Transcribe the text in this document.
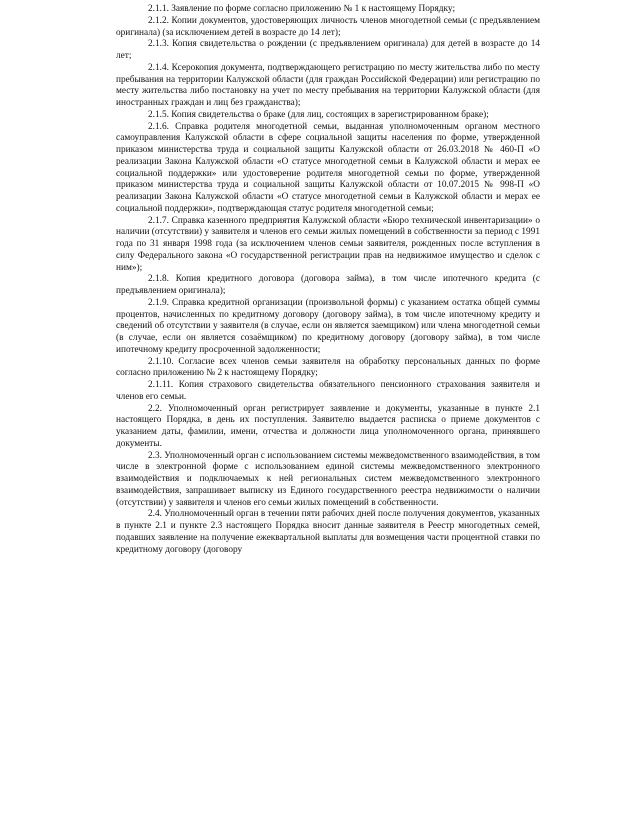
2.1.1. Заявление по форме согласно приложению № 1 к настоящему Порядку;

2.1.2. Копии документов, удостоверяющих личность членов многодетной семьи (с предъявлением оригинала) (за исключением детей в возрасте до 14 лет);

2.1.3. Копия свидетельства о рождении (с предъявлением оригинала) для детей в возрасте до 14 лет;

2.1.4. Ксерокопия документа, подтверждающего регистрацию по месту жительства либо по месту пребывания на территории Калужской области (для граждан Российской Федерации) или регистрацию по месту жительства либо постановку на учет по месту пребывания на территории Калужской области (для иностранных граждан и лиц без гражданства);

2.1.5. Копия свидетельства о браке (для лиц, состоящих в зарегистрированном браке);

2.1.6. Справка родителя многодетной семьи, выданная уполномоченным органом местного самоуправления Калужской области в сфере социальной защиты населения по форме, утвержденной приказом министерства труда и социальной защиты Калужской области от 26.03.2018 № 460-П «О реализации Закона Калужской области «О статусе многодетной семьи в Калужской области и мерах ее социальной поддержки» или удостоверение родителя многодетной семьи по форме, утвержденной приказом министерства труда и социальной защиты Калужской области от 10.07.2015 № 998-П «О реализации Закона Калужской области «О статусе многодетной семьи в Калужской области и мерах ее социальной поддержки», подтверждающая статус родителя многодетной семьи;

2.1.7. Справка казенного предприятия Калужской области «Бюро технической инвентаризации» о наличии (отсутствии) у заявителя и членов его семьи жилых помещений в собственности за период с 1991 года по 31 января 1998 года (за исключением членов семьи заявителя, рожденных после вступления в силу Федерального закона «О государственной регистрации прав на недвижимое имущество и сделок с ним»);

2.1.8. Копия кредитного договора (договора займа), в том числе ипотечного кредита (с предъявлением оригинала);

2.1.9. Справка кредитной организации (произвольной формы) с указанием остатка общей суммы процентов, начисленных по кредитному договору (договору займа), в том числе ипотечному кредиту и сведений об отсутствии у заявителя (в случае, если он является заемщиком) или члена многодетной семьи (в случае, если он является созаёмщиком) по кредитному договору (договору займа), в том числе ипотечному кредиту просроченной задолженности;

2.1.10. Согласие всех членов семьи заявителя на обработку персональных данных по форме согласно приложению № 2 к настоящему Порядку;

2.1.11. Копия страхового свидетельства обязательного пенсионного страхования заявителя и членов его семьи.

2.2. Уполномоченный орган регистрирует заявление и документы, указанные в пункте 2.1 настоящего Порядка, в день их поступления. Заявителю выдается расписка о приеме документов с указанием даты, фамилии, имени, отчества и должности лица уполномоченного органа, принявшего документы.

2.3. Уполномоченный орган с использованием системы межведомственного взаимодействия, в том числе в электронной форме с использованием единой системы межведомственного электронного взаимодействия и подключаемых к ней региональных систем межведомственного электронного взаимодействия, запрашивает выписку из Единого государственного реестра недвижимости о наличии (отсутствии) у заявителя и членов его семьи жилых помещений в собственности.

2.4. Уполномоченный орган в течении пяти рабочих дней после получения документов, указанных в пункте 2.1 и пункте 2.3 настоящего Порядка вносит данные заявителя в Реестр многодетных семей, подавших заявление на получение ежеквартальной выплаты для возмещения части процентной ставки по кредитному договору (договору
